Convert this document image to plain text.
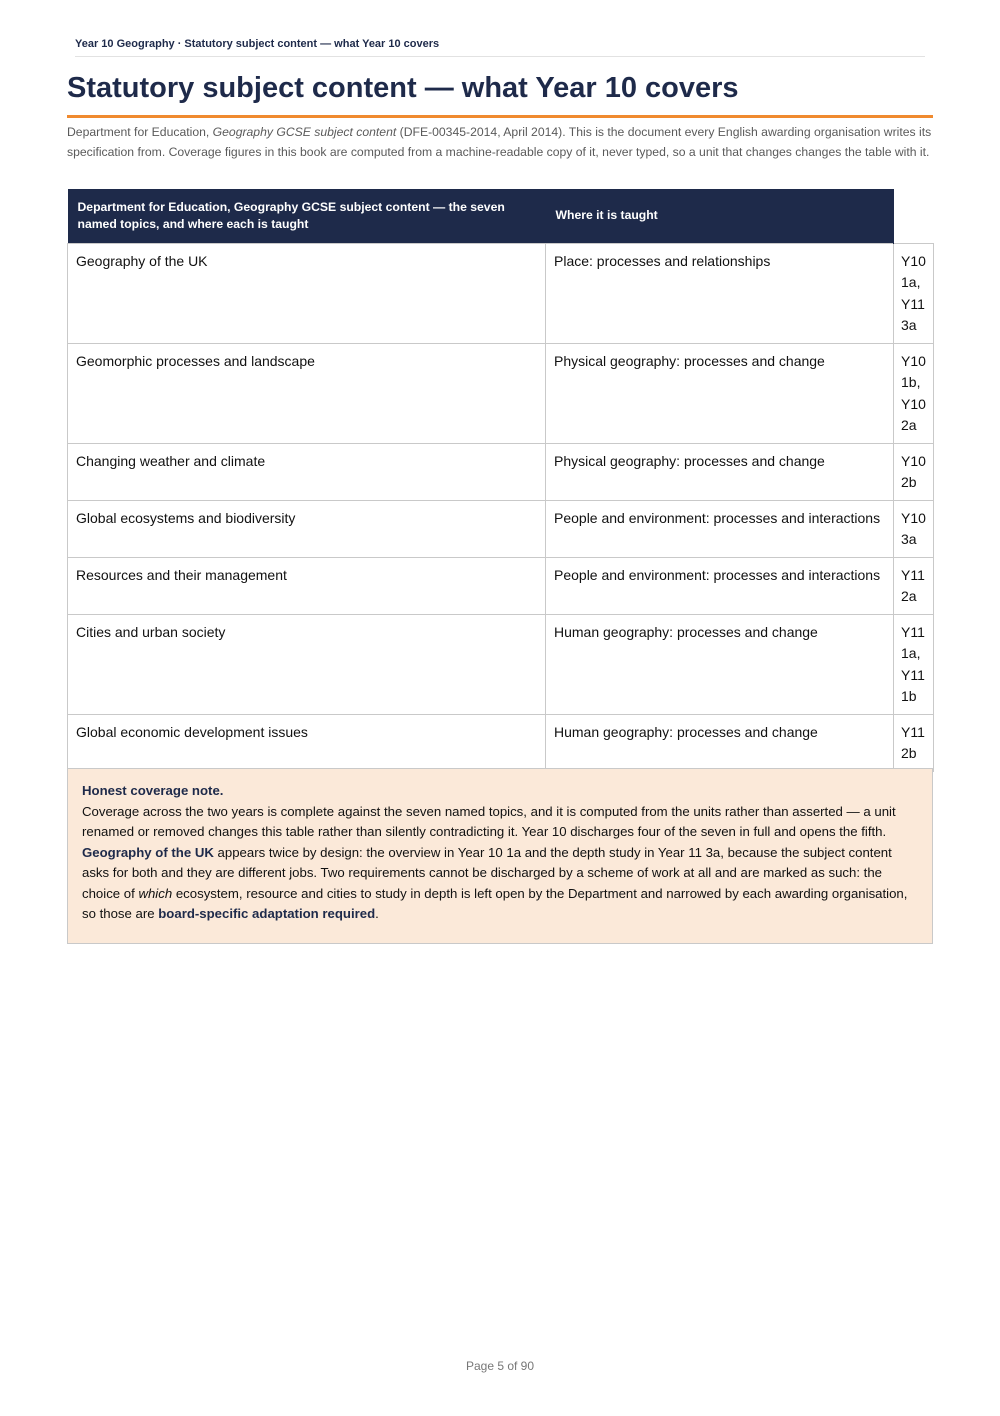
Year 10 Geography · Statutory subject content — what Year 10 covers
Statutory subject content — what Year 10 covers

Department for Education, Geography GCSE subject content (DFE-00345-2014, April 2014). This is the document every English awarding organisation writes its specification from. Coverage figures in this book are computed from a machine-readable copy of it, never typed, so a unit that changes changes the table with it.

Department for Education, Geography GCSE subject content — the seven named topics, and where each is taught	Where it is taught	
Geography of the UK	Place: processes and relationships	Y10
1a,
Y11
3a

Geomorphic processes and landscape	Physical geography: processes and change	Y10
1b,
Y10
2a

Changing weather and climate	Physical geography: processes and change	Y10
2b

Global ecosystems and biodiversity	People and environment: processes and interactions	Y10
3a

Resources and their management	People and environment: processes and interactions	Y11
2a

Cities and urban society	Human geography: processes and change	Y11
1a,
Y11
1b

Global economic development issues	Human geography: processes and change	Y11
2b
Honest coverage note.
Coverage across the two years is complete against the seven named topics, and it is computed from the units rather than asserted — a unit renamed or removed changes this table rather than silently contradicting it. Year 10 discharges four of the seven in full and opens the fifth. Geography of the UK appears twice by design: the overview in Year 10 1a and the depth study in Year 11 3a, because the subject content asks for both and they are different jobs. Two requirements cannot be discharged by a scheme of work at all and are marked as such: the choice of which ecosystem, resource and cities to study in depth is left open by the Department and narrowed by each awarding organisation, so those are board-specific adaptation required.
Page 5 of 90
